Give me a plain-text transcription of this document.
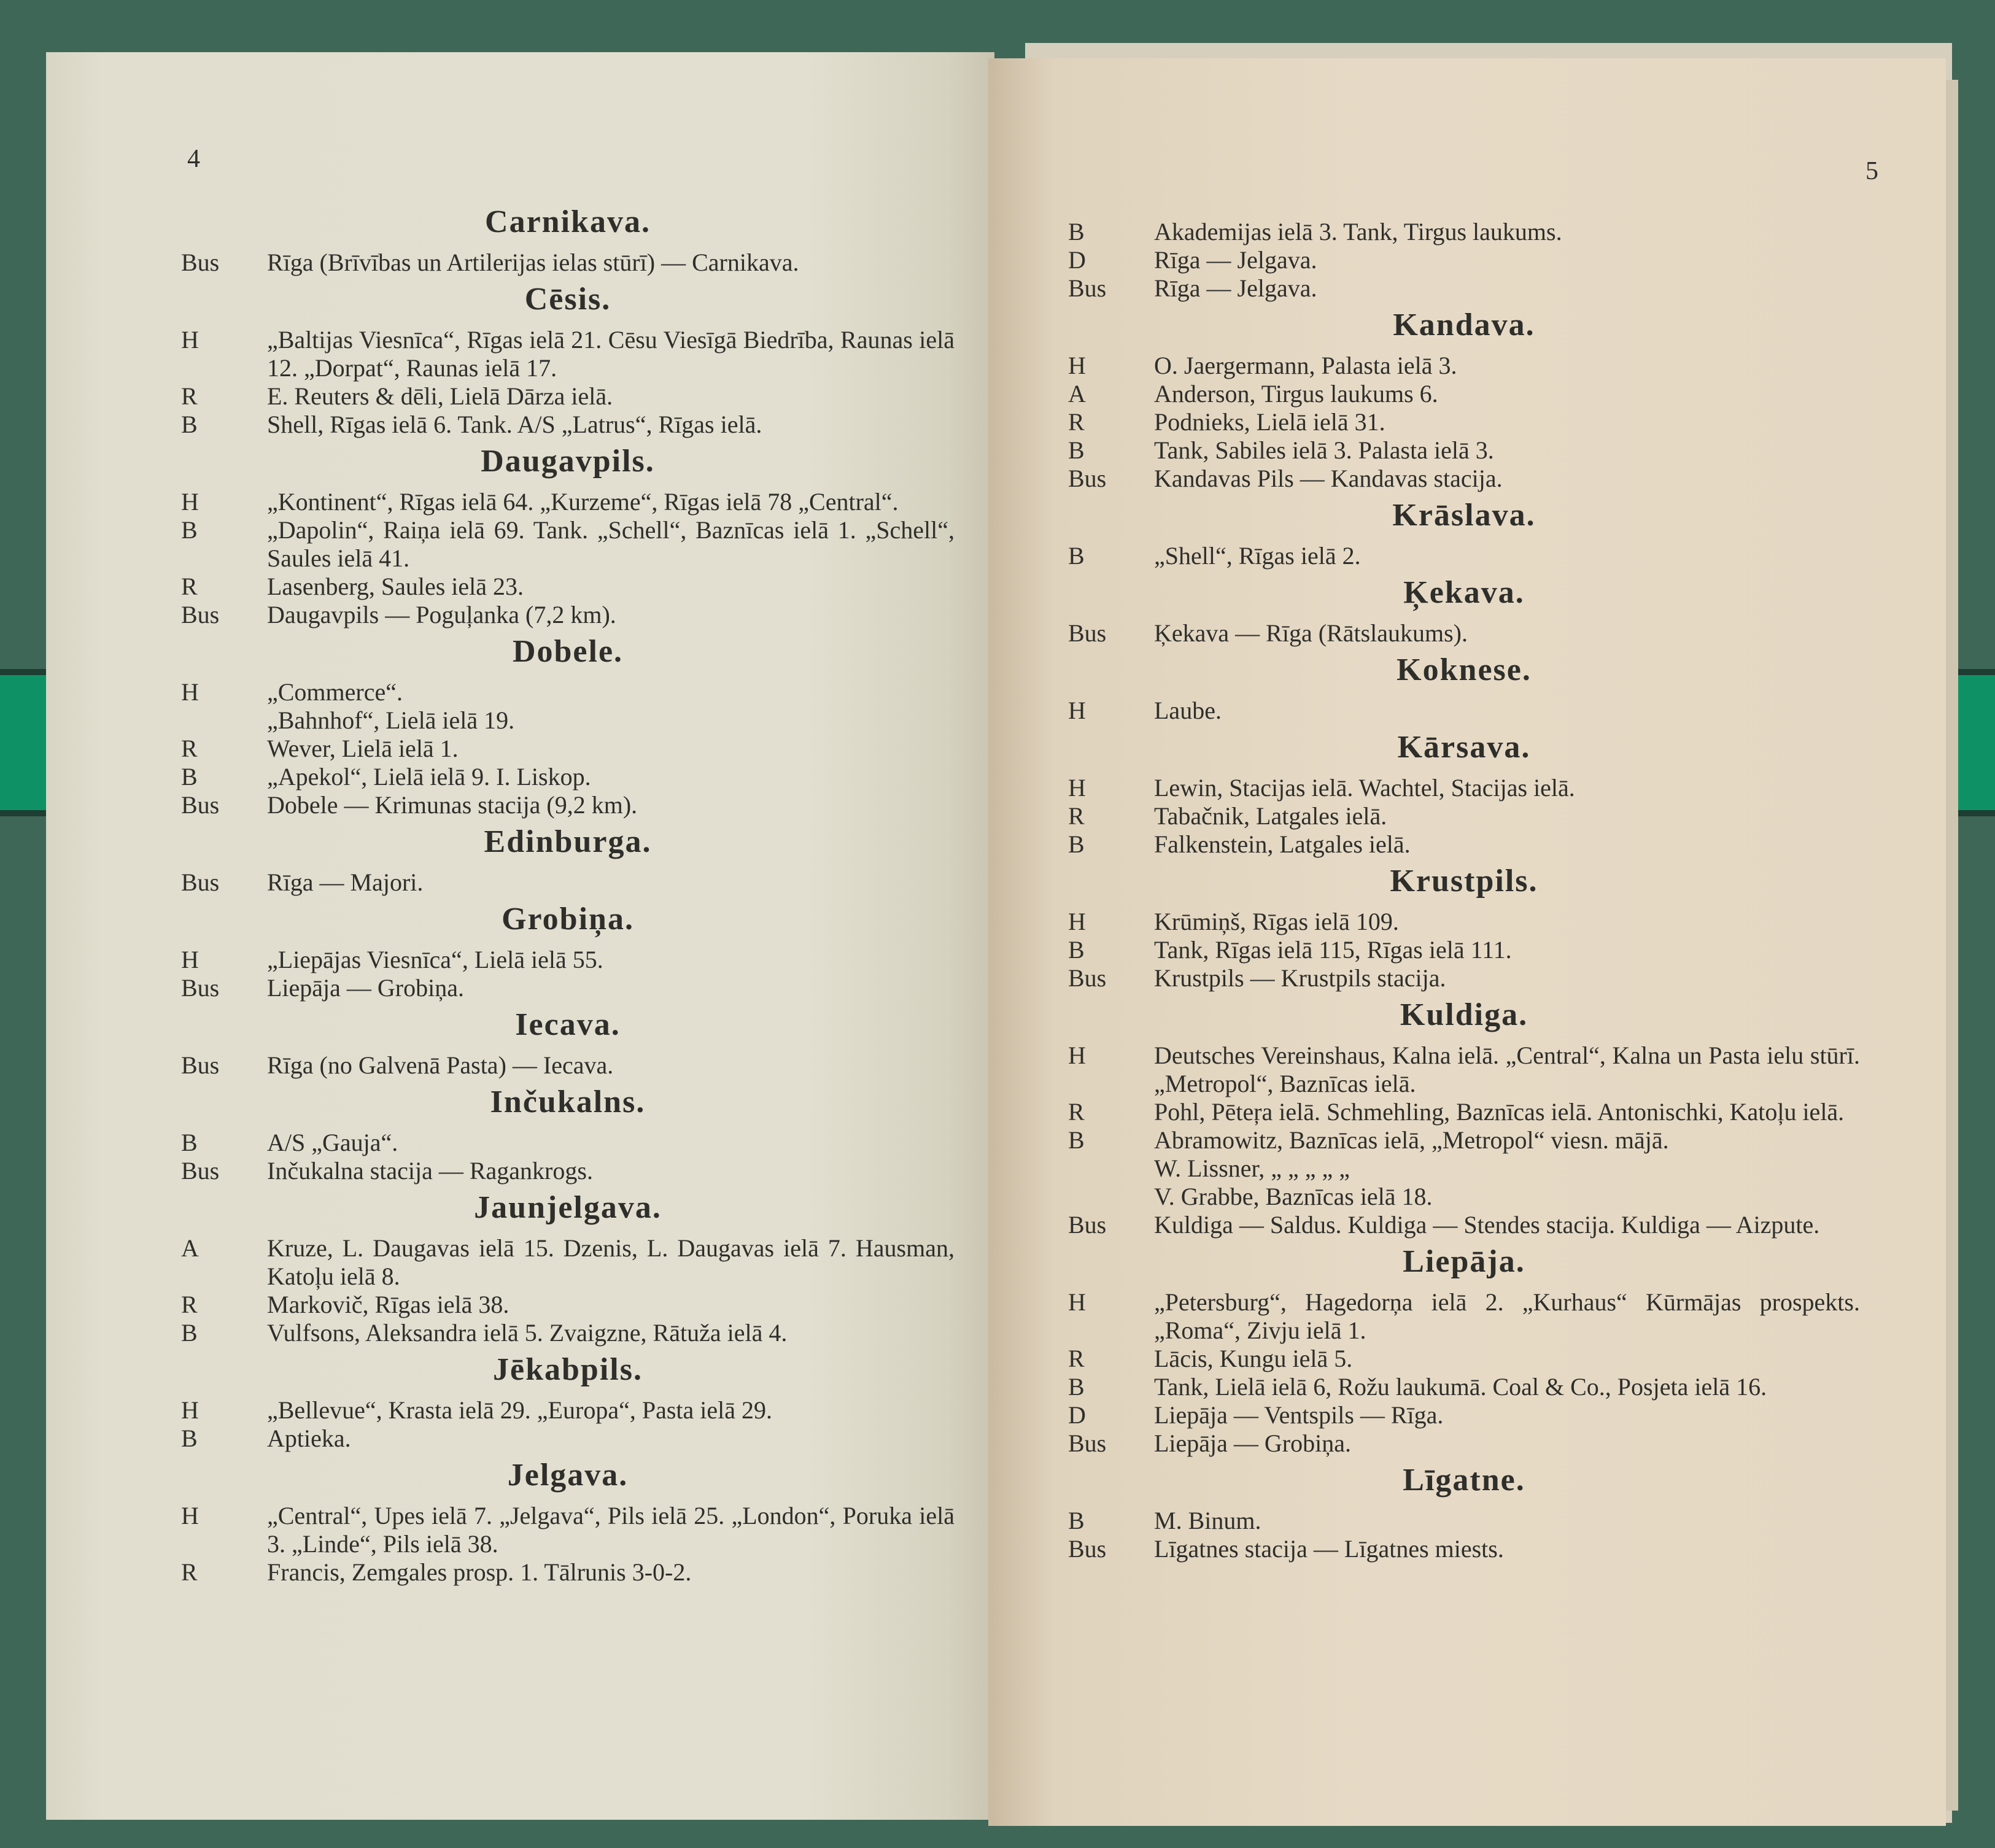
4
Carnikava.
Bus	Rīga (Brīvības un Artilerijas ielas stūrī) — Carnikava.
Cēsis.
H	„Baltijas Viesnīca“, Rīgas ielā 21. Cēsu Viesīgā Biedrība, Raunas ielā 12. „Dorpat“, Raunas ielā 17.
R	E. Reuters & dēli, Lielā Dārza ielā.
B	Shell, Rīgas ielā 6. Tank. A/S „Latrus“, Rīgas ielā.
Daugavpils.
H	„Kontinent“, Rīgas ielā 64. „Kurzeme“, Rīgas ielā 78 „Central“.
B	„Dapolin“, Raiņa ielā 69. Tank. „Schell“, Baznīcas ielā 1. „Schell“, Saules ielā 41.
R	Lasenberg, Saules ielā 23.
Bus	Daugavpils — Poguļanka (7,2 km).
Dobele.
H	„Commerce“.
„Bahnhof“, Lielā ielā 19.
R	Wever, Lielā ielā 1.
B	„Apekol“, Lielā ielā 9. I. Liskop.
Bus	Dobele — Krimunas stacija (9,2 km).
Edinburga.
Bus	Rīga — Majori.
Grobiņa.
H	„Liepājas Viesnīca“, Lielā ielā 55.
Bus	Liepāja — Grobiņa.
Iecava.
Bus	Rīga (no Galvenā Pasta) — Iecava.
Inčukalns.
B	A/S „Gauja“.
Bus	Inčukalna stacija — Ragankrogs.
Jaunjelgava.
A	Kruze, L. Daugavas ielā 15. Dzenis, L. Daugavas ielā 7. Hausman, Katoļu ielā 8.
R	Markovič, Rīgas ielā 38.
B	Vulfsons, Aleksandra ielā 5. Zvaigzne, Rātuža ielā 4.
Jēkabpils.
H	„Bellevue“, Krasta ielā 29. „Europa“, Pasta ielā 29.
B	Aptieka.
Jelgava.
H	„Central“, Upes ielā 7. „Jelgava“, Pils ielā 25. „London“, Poruka ielā 3. „Linde“, Pils ielā 38.
R	Francis, Zemgales prosp. 1. Tālrunis 3-0-2.
5
B	Akademijas ielā 3. Tank, Tirgus laukums.
D	Rīga — Jelgava.
Bus	Rīga — Jelgava.
Kandava.
H	O. Jaergermann, Palasta ielā 3.
A	Anderson, Tirgus laukums 6.
R	Podnieks, Lielā ielā 31.
B	Tank, Sabiles ielā 3. Palasta ielā 3.
Bus	Kandavas Pils — Kandavas stacija.
Krāslava.
B	„Shell“, Rīgas ielā 2.
Ķekava.
Bus	Ķekava — Rīga (Rātslaukums).
Koknese.
H	Laube.
Kārsava.
H	Lewin, Stacijas ielā. Wachtel, Stacijas ielā.
R	Tabačnik, Latgales ielā.
B	Falkenstein, Latgales ielā.
Krustpils.
H	Krūmiņš, Rīgas ielā 109.
B	Tank, Rīgas ielā 115, Rīgas ielā 111.
Bus	Krustpils — Krustpils stacija.
Kuldiga.
H	Deutsches Vereinshaus, Kalna ielā. „Central“, Kalna un Pasta ielu stūrī. „Metropol“, Baznīcas ielā.
R	Pohl, Pēteŗa ielā. Schmehling, Baznīcas ielā. Antonischki, Katoļu ielā.
B	Abramowitz, Baznīcas ielā, „Metropol“ viesn. mājā.
W. Lissner, „ „ „ „ „
V. Grabbe, Baznīcas ielā 18.
Bus	Kuldiga — Saldus. Kuldiga — Stendes stacija. Kuldiga — Aizpute.
Liepāja.
H	„Petersburg“, Hagedorņa ielā 2. „Kurhaus“ Kūrmājas prospekts. „Roma“, Zivju ielā 1.
R	Lācis, Kungu ielā 5.
B	Tank, Lielā ielā 6, Rožu laukumā. Coal & Co., Posjeta ielā 16.
D	Liepāja — Ventspils — Rīga.
Bus	Liepāja — Grobiņa.
Līgatne.
B	M. Binum.
Bus	Līgatnes stacija — Līgatnes miests.
